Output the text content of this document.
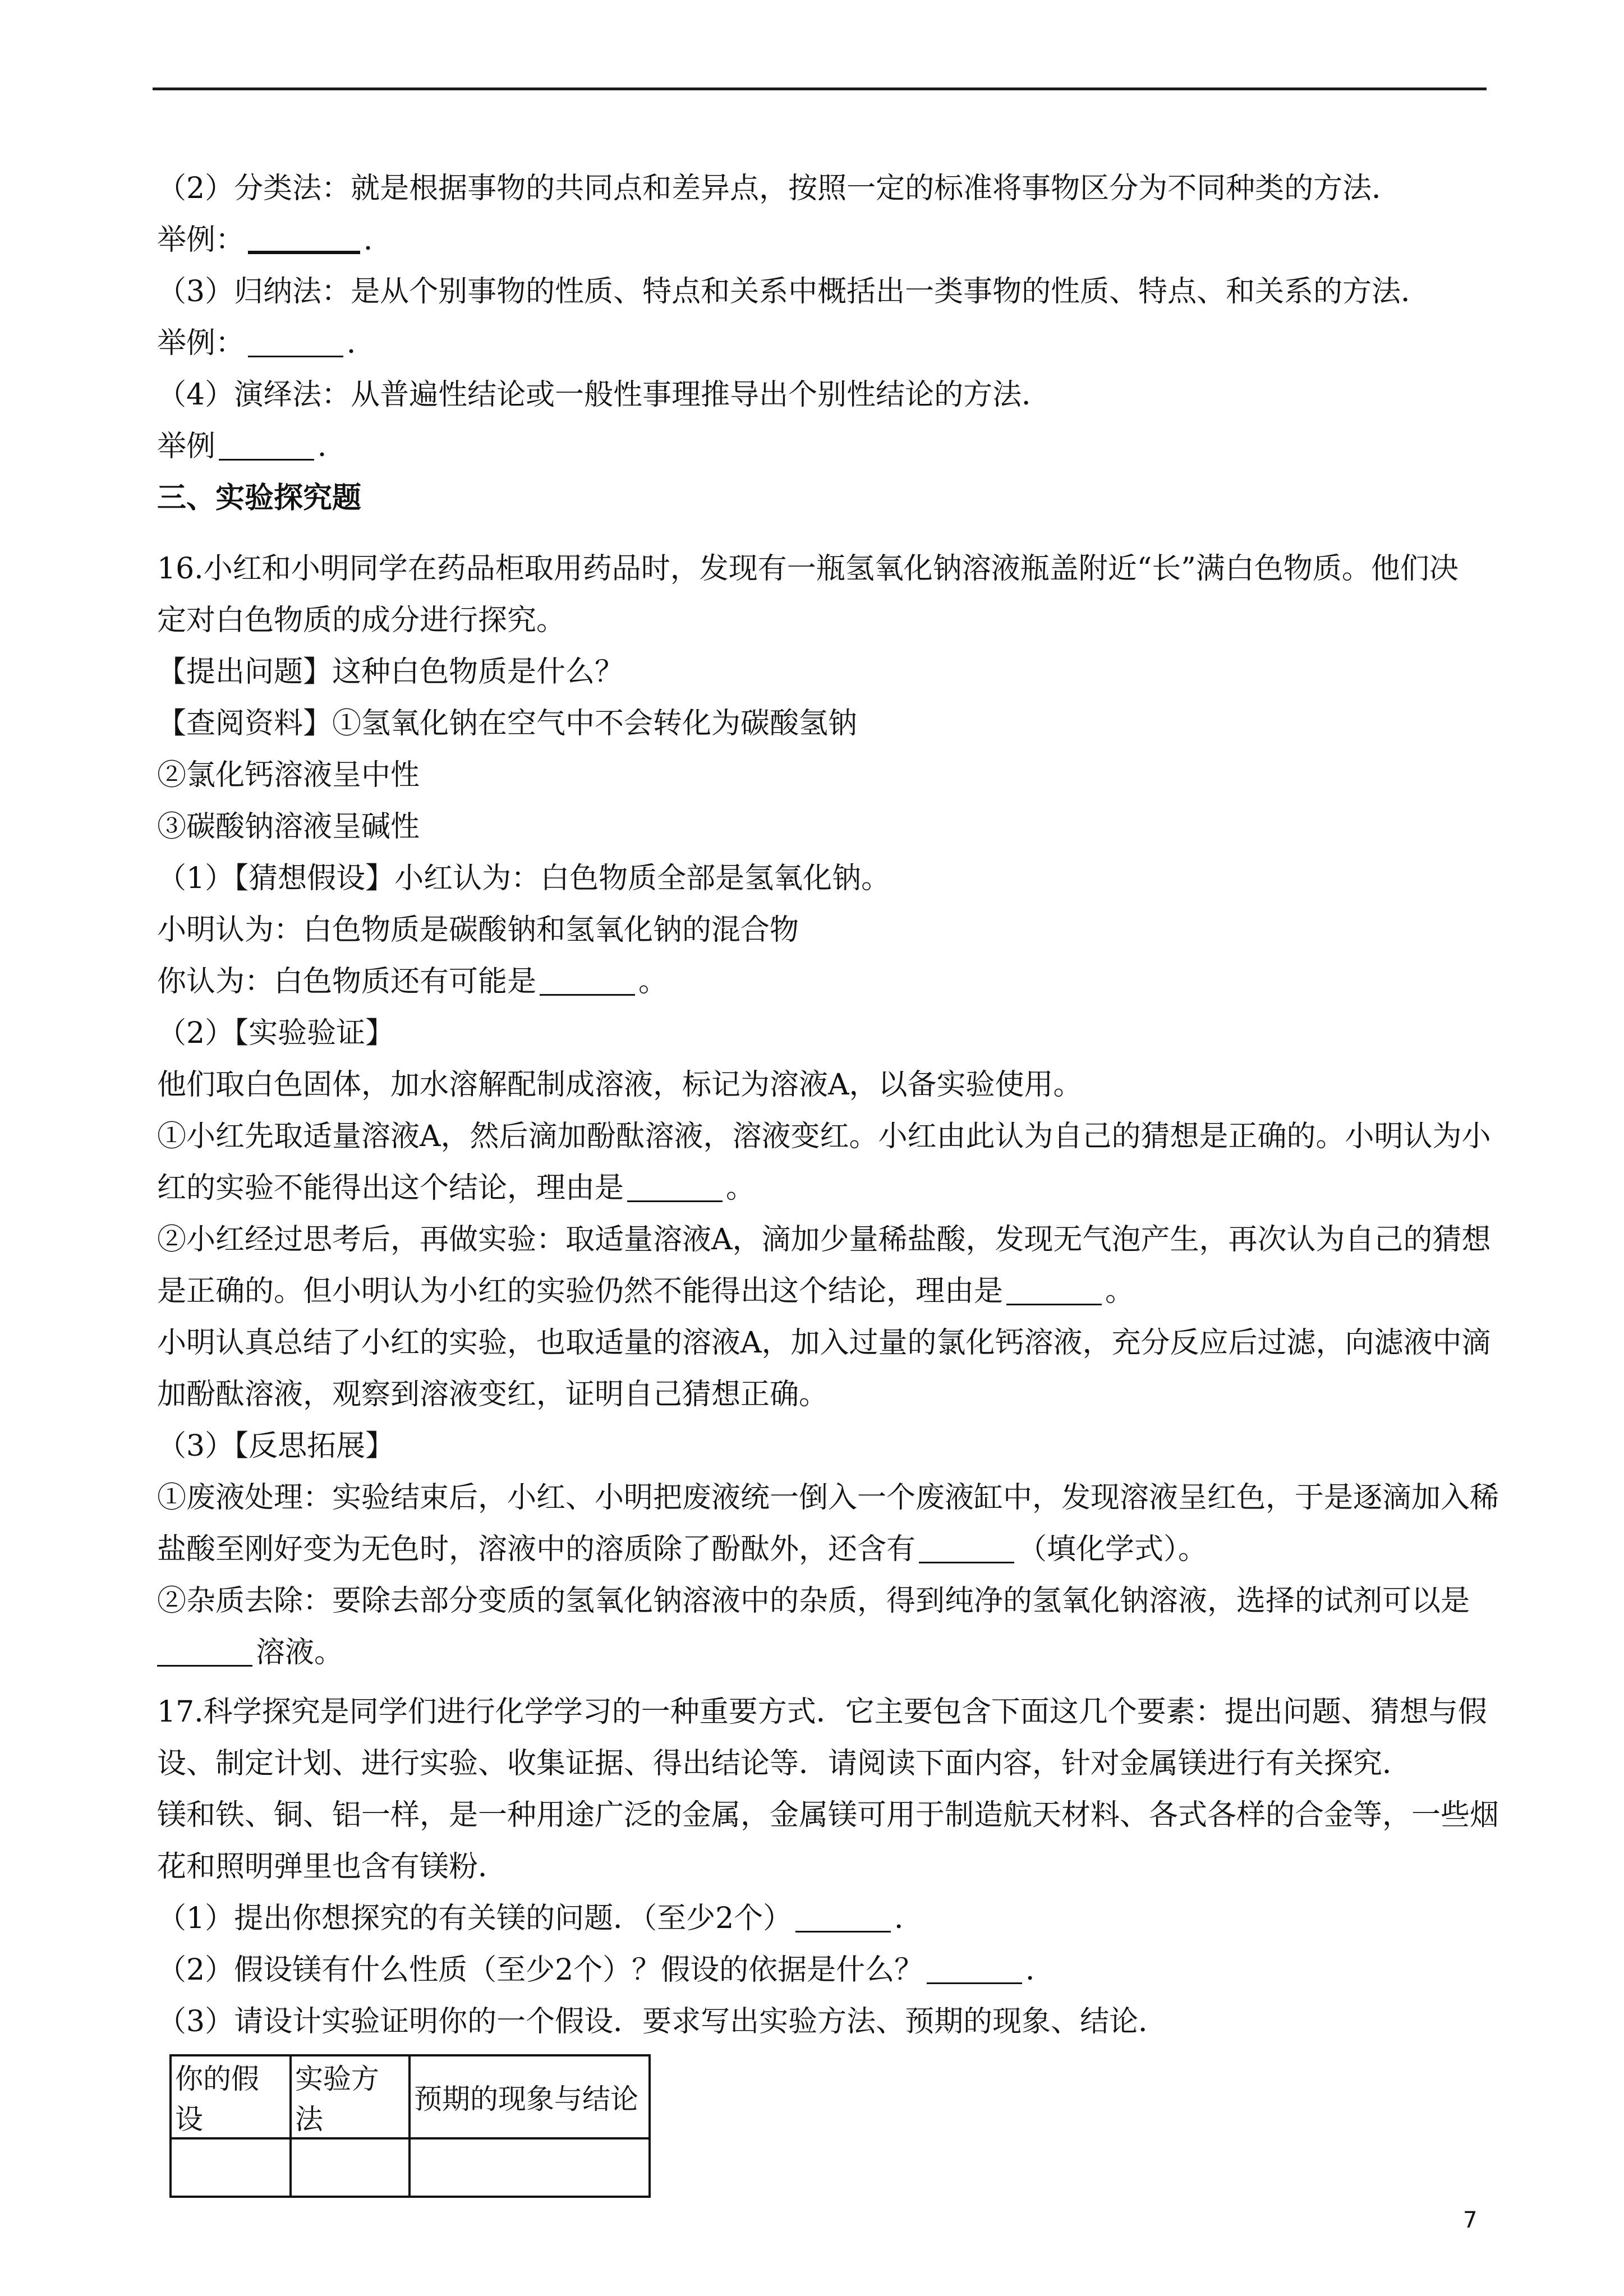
（2）分类法：就是根据事物的共同点和差异点，按照一定的标准将事物区分为不同种类的方法．
举例：	．
（3）归纳法：是从个别事物的性质、特点和关系中概括出一类事物的性质、特点、和关系的方法．
举例：	．
（4）演绎法：从普遍性结论或一般性事理推导出个别性结论的方法．
举例	．
三、实验探究题
16.小红和小明同学在药品柜取用药品时，发现有一瓶氢氧化钠溶液瓶盖附近“长”满白色物质。他们决
定对白色物质的成分进行探究。
【提出问题】这种白色物质是什么？
【查阅资料】①氢氧化钠在空气中不会转化为碳酸氢钠
②氯化钙溶液呈中性
③碳酸钠溶液呈碱性
（1）【猜想假设】小红认为：白色物质全部是氢氧化钠。
小明认为：白色物质是碳酸钠和氢氧化钠的混合物
你认为：白色物质还有可能是	。
（2）【实验验证】
他们取白色固体，加水溶解配制成溶液，标记为溶液A，以备实验使用。
①小红先取适量溶液A，然后滴加酚酞溶液，溶液变红。小红由此认为自己的猜想是正确的。小明认为小
红的实验不能得出这个结论，理由是	。
②小红经过思考后，再做实验：取适量溶液A，滴加少量稀盐酸，发现无气泡产生，再次认为自己的猜想
是正确的。但小明认为小红的实验仍然不能得出这个结论，理由是	。
小明认真总结了小红的实验，也取适量的溶液A，加入过量的氯化钙溶液，充分反应后过滤，向滤液中滴
加酚酞溶液，观察到溶液变红，证明自己猜想正确。
（3）【反思拓展】
①废液处理：实验结束后，小红、小明把废液统一倒入一个废液缸中，发现溶液呈红色，于是逐滴加入稀
盐酸至刚好变为无色时，溶液中的溶质除了酚酞外，还含有	（填化学式）。
②杂质去除：要除去部分变质的氢氧化钠溶液中的杂质，得到纯净的氢氧化钠溶液，选择的试剂可以是
溶液。
17.科学探究是同学们进行化学学习的一种重要方式．它主要包含下面这几个要素：提出问题、猜想与假
设、制定计划、进行实验、收集证据、得出结论等．请阅读下面内容，针对金属镁进行有关探究．
镁和铁、铜、铝一样，是一种用途广泛的金属，金属镁可用于制造航天材料、各式各样的合金等，一些烟
花和照明弹里也含有镁粉．
（1）提出你想探究的有关镁的问题．（至少2个）	．
（2）假设镁有什么性质（至少2个）？假设的依据是什么？	．
（3）请设计实验证明你的一个假设．要求写出实验方法、预期的现象、结论．
你的假设	实验方法	预期的现象与结论

7
